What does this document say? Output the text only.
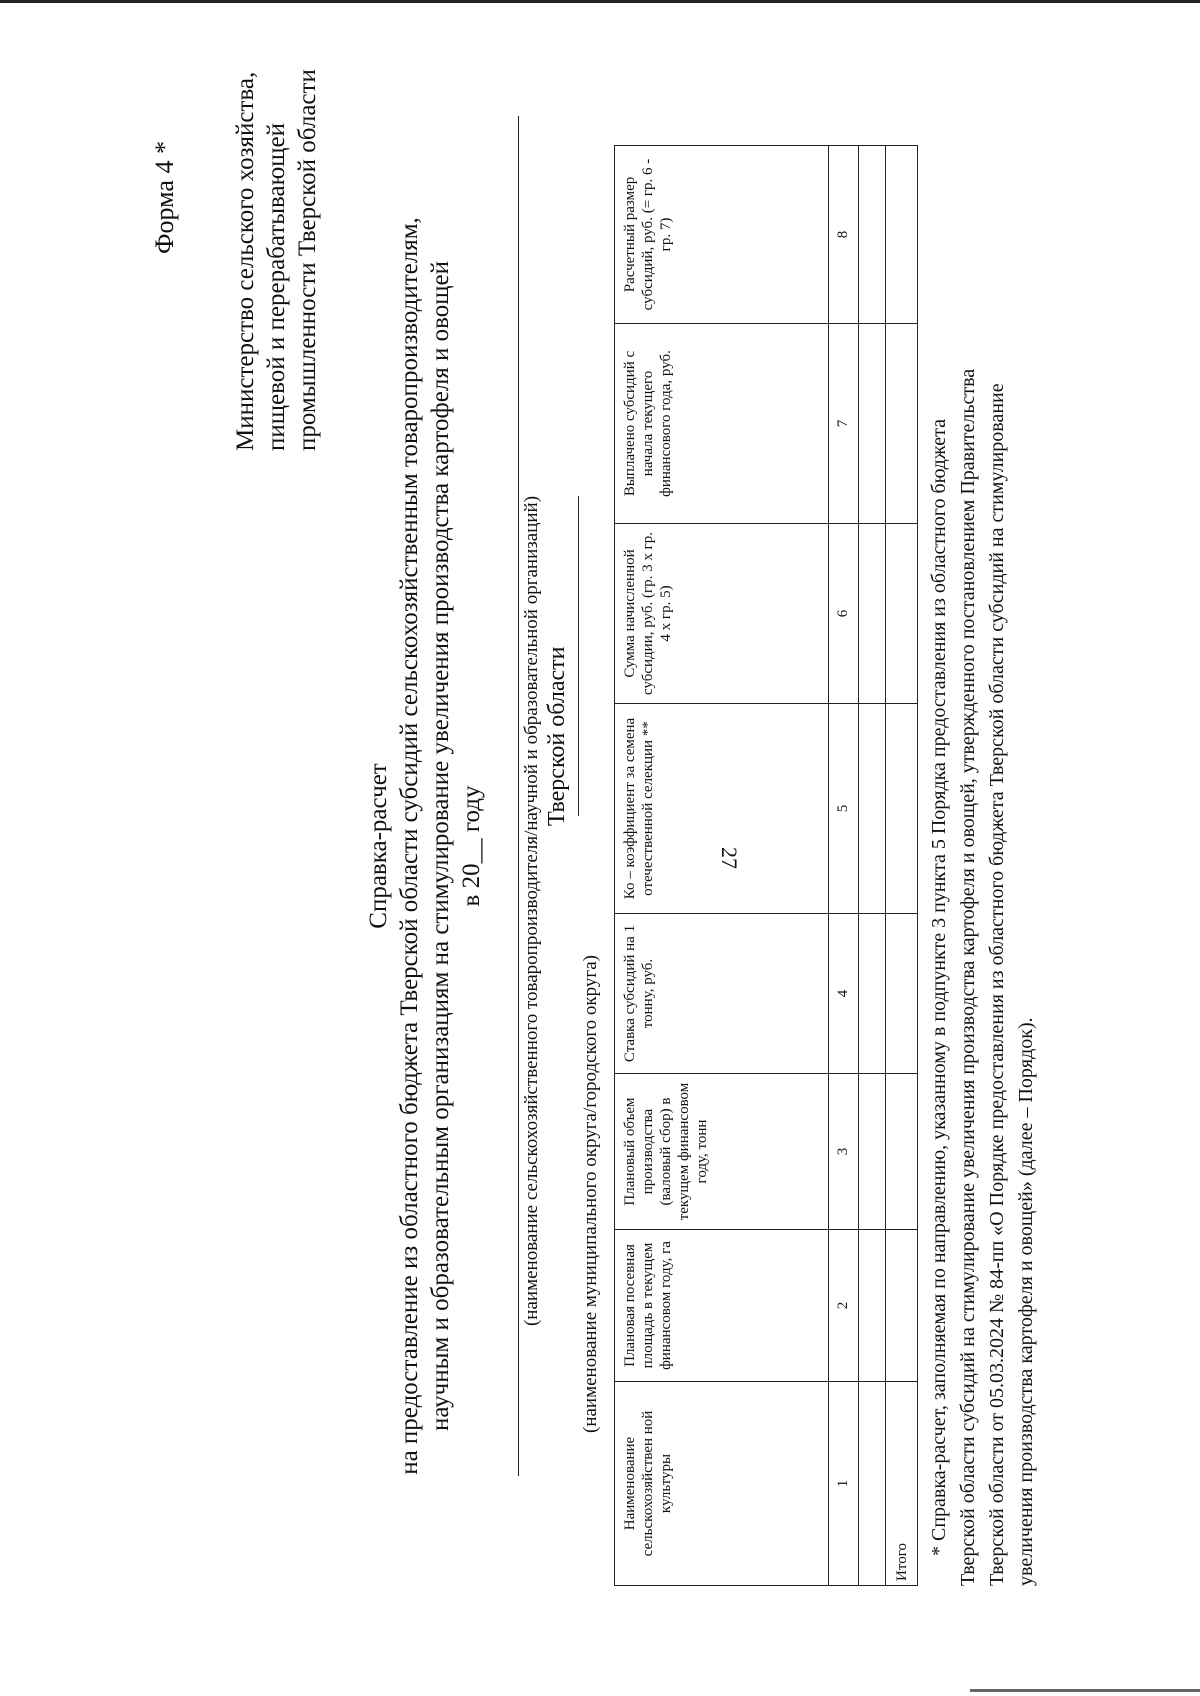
27
Форма 4 * Министерство сельского хозяйства, пищевой и перерабатывающей промышленности Тверской области
Справка-расчет на предоставление из областного бюджета Тверской области субсидий сельскохозяйственным товаропроизводителям, научным и образовательным организациям на стимулирование увеличения производства картофеля и овощей в 20__ году (наименование сельскохозяйственного товаропроизводителя/научной и образовательной организаций) Тверской области
(наименование муниципального округа/городского округа)
Наименование сельскохозяйствен ной культуры	Плановая посевная площадь в текущем финансовом году, га	Плановый объем производства (валовый сбор) в текущем финансовом году, тонн	Ставка субсидий на 1 тонну, руб.	Ко – коэффициент за семена отечественной селекции **	Сумма начисленной субсидии, руб. (гр. 3 х гр. 4 х гр. 5)	Выплачено субсидий с начала текущего финансового года, руб.	Расчетный размер субсидий, руб. (= гр. 6 - гр. 7)
1	2	3	4	5	6	7	8

Итого							
* Справка-расчет, заполняемая по направлению, указанному в подпункте 3 пункта 5 Порядка предоставления из областного бюджета Тверской области субсидий на стимулирование увеличения производства картофеля и овощей, утвержденного постановлением Правительства Тверской области от 05.03.2024 № 84-пп «О Порядке предоставления из областного бюджета Тверской области субсидий на стимулирование увеличения производства картофеля и овощей» (далее – Порядок).
